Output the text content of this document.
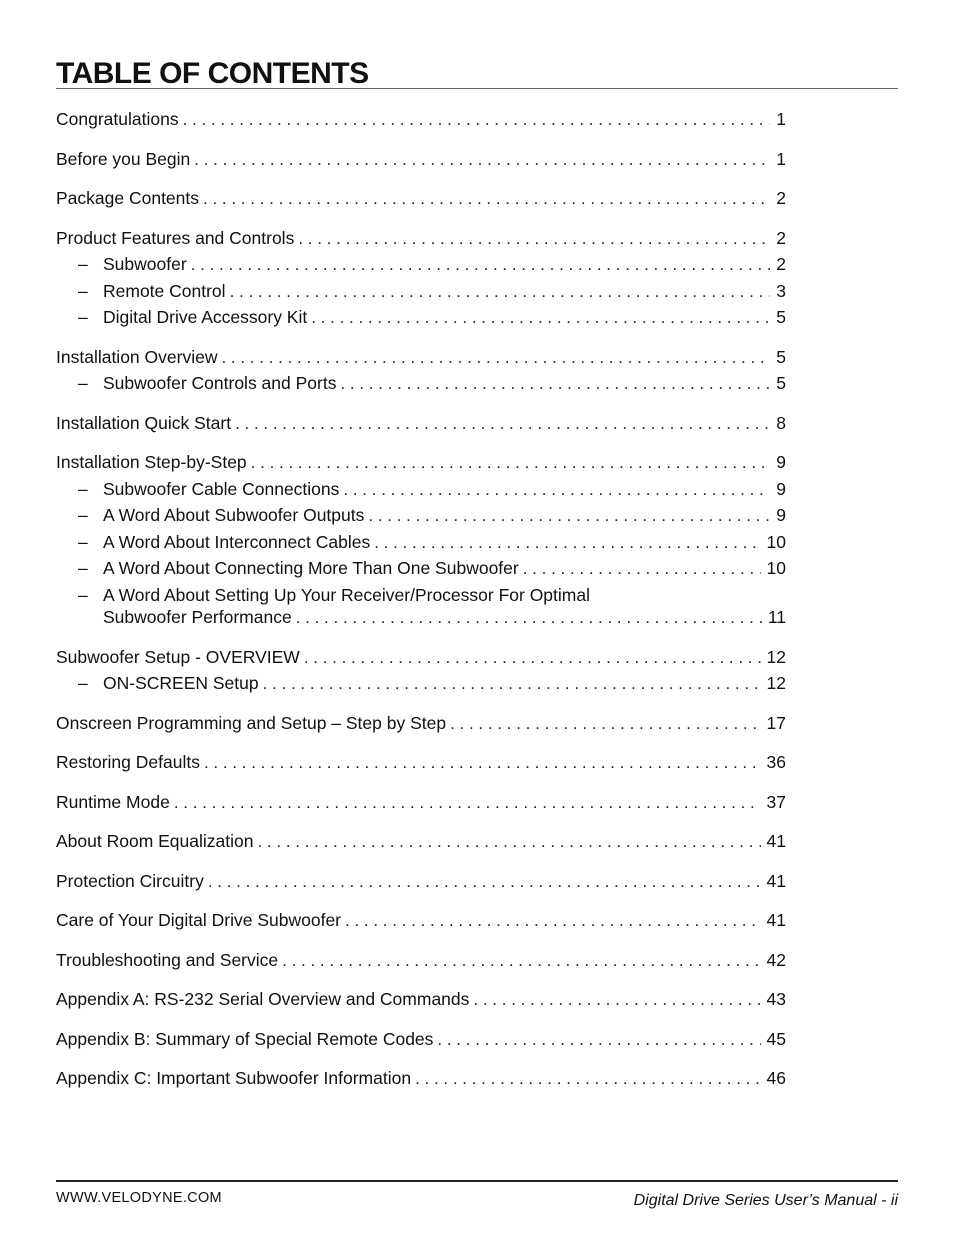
TABLE OF CONTENTS
Congratulations . . .	1
Before you Begin . . .	1
Package Contents . . .	2
Product Features and Controls . . .	2
– Subwoofer . . .	2
– Remote Control . . .	3
– Digital Drive Accessory Kit . . .	5
Installation Overview . . .	5
– Subwoofer Controls and Ports . . .	5
Installation Quick Start . . .	8
Installation Step-by-Step . . .	9
– Subwoofer Cable Connections . . .	9
– A Word About Subwoofer Outputs . . .	9
– A Word About Interconnect Cables . . .	10
– A Word About Connecting More Than One Subwoofer . . .	10
– A Word About Setting Up Your Receiver/Processor For Optimal
Subwoofer Performance . . .	11
Subwoofer Setup - OVERVIEW . . .	12
– ON-SCREEN Setup . . .	12
Onscreen Programming and Setup – Step by Step . . .	17
Restoring Defaults . . .	36
Runtime Mode . . .	37
About Room Equalization . . .	41
Protection Circuitry . . .	41
Care of Your Digital Drive Subwoofer . . .	41
Troubleshooting and Service . . .	42
Appendix A: RS-232 Serial Overview and Commands . . .	43
Appendix B: Summary of Special Remote Codes . . .	45
Appendix C: Important Subwoofer Information . . .	46
WWW.VELODYNE.COM	Digital Drive Series User’s Manual - ii
